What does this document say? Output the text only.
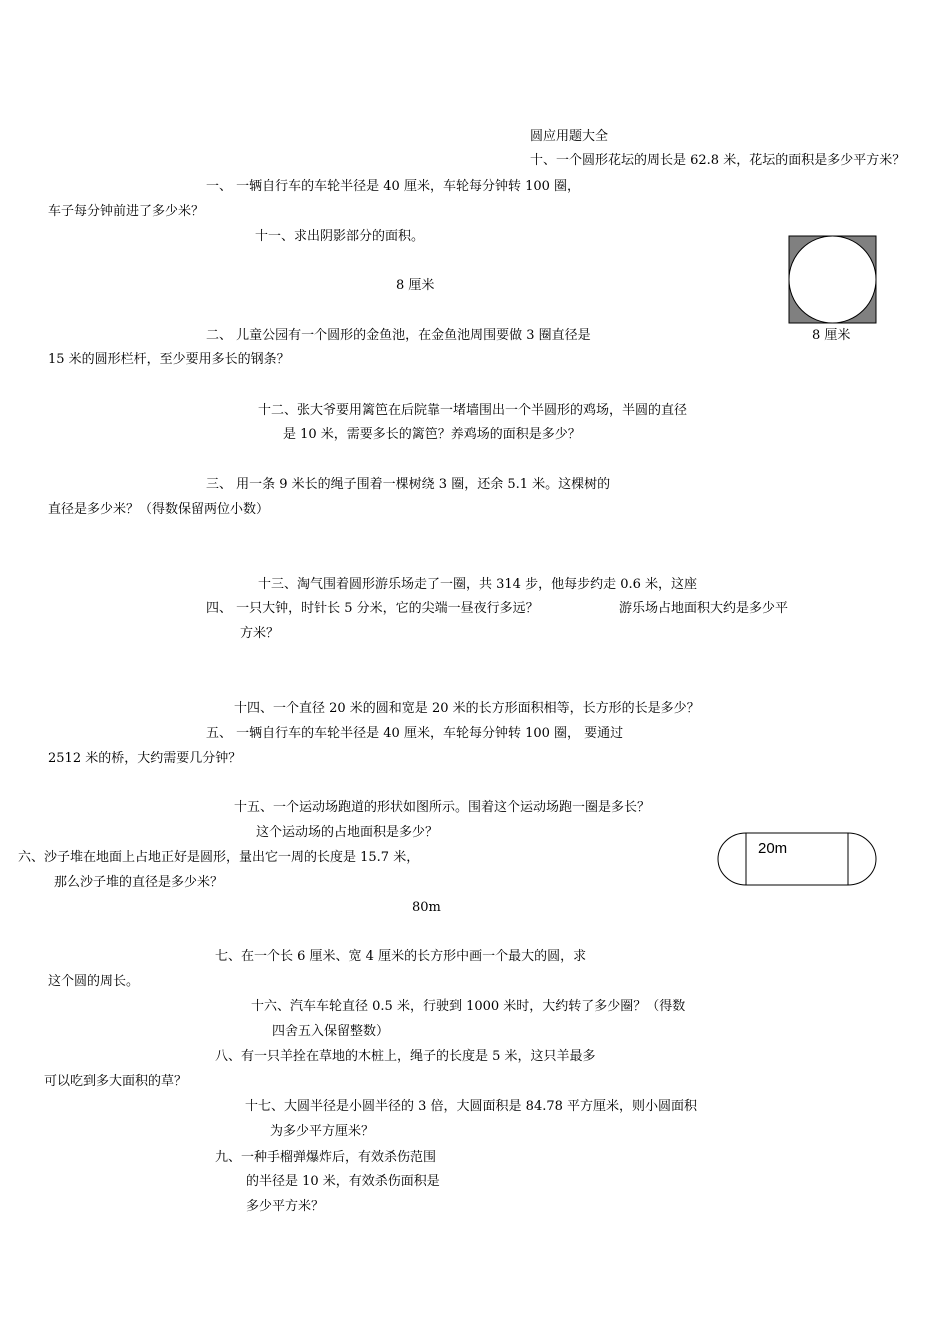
圆应用题大全
十、一个圆形花坛的周长是 62.8 米，花坛的面积是多少平方米？
一、 一辆自行车的车轮半径是 40 厘米，车轮每分钟转 100 圈，
车子每分钟前进了多少米？
十一、求出阴影部分的面积。
8 厘米
8 厘米
二、 儿童公园有一个圆形的金鱼池，在金鱼池周围要做 3 圈直径是
15 米的圆形栏杆，至少要用多长的钢条？
十二、张大爷要用篱笆在后院靠一堵墙围出一个半圆形的鸡场，半圆的直径
是 10 米，需要多长的篱笆？养鸡场的面积是多少？
三、 用一条 9 米长的绳子围着一棵树绕 3 圈，还余 5.1 米。这棵树的
直径是多少米？（得数保留两位小数）
十三、淘气围着圆形游乐场走了一圈，共 314 步，他每步约走 0.6 米，这座
四、 一只大钟，时针长 5 分米，它的尖端一昼夜行多远？	游乐场占地面积大约是多少平
方米？
十四、一个直径 20 米的圆和宽是 20 米的长方形面积相等，长方形的长是多少？
五、 一辆自行车的车轮半径是 40 厘米，车轮每分钟转 100 圈， 要通过
2512 米的桥，大约需要几分钟？
十五、一个运动场跑道的形状如图所示。围着这个运动场跑一圈是多长？
这个运动场的占地面积是多少？
20m
六、沙子堆在地面上占地正好是圆形，量出它一周的长度是 15.7 米，
那么沙子堆的直径是多少米？
80m
七、在一个长 6 厘米、宽 4 厘米的长方形中画一个最大的圆，求
这个圆的周长。
十六、汽车车轮直径 0.5 米，行驶到 1000 米时，大约转了多少圈？（得数
四舍五入保留整数）
八、有一只羊拴在草地的木桩上，绳子的长度是 5 米，这只羊最多
可以吃到多大面积的草？
十七、大圆半径是小圆半径的 3 倍，大圆面积是 84.78 平方厘米，则小圆面积
为多少平方厘米？
九、一种手榴弹爆炸后，有效杀伤范围
的半径是 10 米，有效杀伤面积是
多少平方米？
